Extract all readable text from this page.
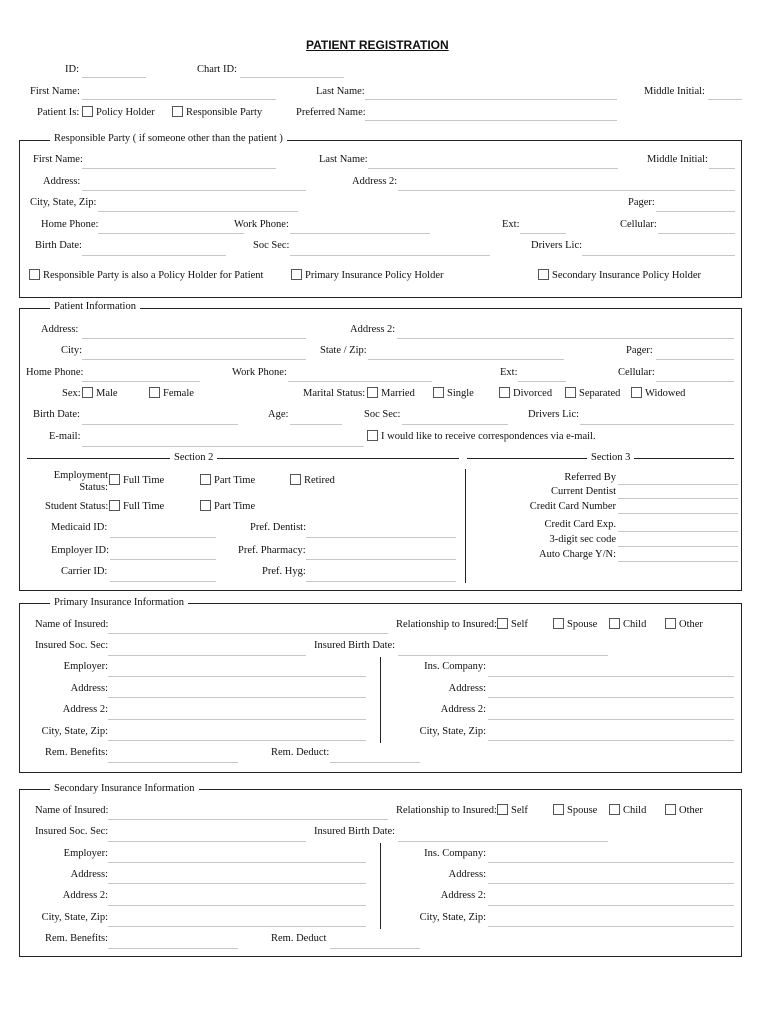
PATIENT REGISTRATION
ID:	Chart ID:
First Name:	Last Name:	Middle Initial:
Patient Is: Policy Holder	Responsible Party	Preferred Name:
Responsible Party ( if someone other than the patient )
First Name:	Last Name:	Middle Initial:
Address:	Address 2:
City, State, Zip:	Pager:
Home Phone:	Work Phone:	Ext:	Cellular:
Birth Date:	Soc Sec:	Drivers Lic:
Responsible Party is also a Policy Holder for Patient	Primary Insurance Policy Holder	Secondary Insurance Policy Holder
Patient Information
Address:	Address 2:
City:	State / Zip:	Pager:
Home Phone:	Work Phone:	Ext:	Cellular:
Sex: Male	Female	Marital Status: Married	Single	Divorced	Separated Widowed
Birth Date:	Age:	Soc Sec:	Drivers Lic:
E-mail:	I would like to receive correspondences via e-mail.
Section 2	Section 3
Employment
Status:
Full Time	Part Time	Retired
Student Status: Full Time	Part Time
Medicaid ID:	Pref. Dentist:
Employer ID:	Pref. Pharmacy:
Carrier ID:	Pref. Hyg:
Referred By
Current Dentist
Credit Card Number
Credit Card Exp.
3-digit sec code
Auto Charge Y/N:
Primary Insurance Information
Name of Insured:	Relationship to Insured: Self	Spouse Child	Other
Insured Soc. Sec:	Insured Birth Date:
Employer:	Ins. Company:
Address:	Address:
Address 2:	Address 2:
City, State, Zip:	City, State, Zip:
Rem. Benefits:	Rem. Deduct:
Secondary Insurance Information
Name of Insured:	Relationship to Insured: Self	Spouse Child	Other
Insured Soc. Sec:	Insured Birth Date:
Employer:	Ins. Company:
Address:	Address:
Address 2:	Address 2:
City, State, Zip:	City, State, Zip:
Rem. Benefits:	Rem. Deduct
